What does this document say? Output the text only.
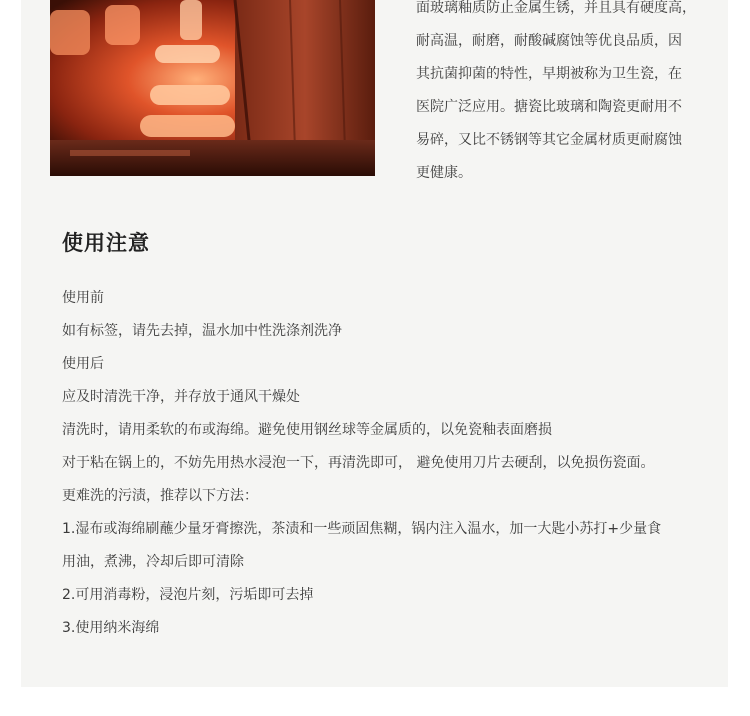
面玻璃釉质防止金属生锈，并且具有硬度高，
耐高温，耐磨，耐酸碱腐蚀等优良品质，因
其抗菌抑菌的特性，早期被称为卫生瓷，在
医院广泛应用。搪瓷比玻璃和陶瓷更耐用不
易碎，又比不锈钢等其它金属材质更耐腐蚀
更健康。
使用注意
使用前
如有标签，请先去掉，温水加中性洗涤剂洗净
使用后
应及时清洗干净，并存放于通风干燥处
清洗时，请用柔软的布或海绵。避免使用钢丝球等金属质的，以免瓷釉表面磨损
对于粘在锅上的，不妨先用热水浸泡一下，再清洗即可， 避免使用刀片去硬刮，以免损伤瓷面。
更难洗的污渍，推荐以下方法：
1.湿布或海绵刷蘸少量牙膏擦洗，茶渍和一些顽固焦糊，锅内注入温水，加一大匙小苏打+少量食
用油，煮沸，冷却后即可清除
2.可用消毒粉，浸泡片刻，污垢即可去掉
3.使用纳米海绵
